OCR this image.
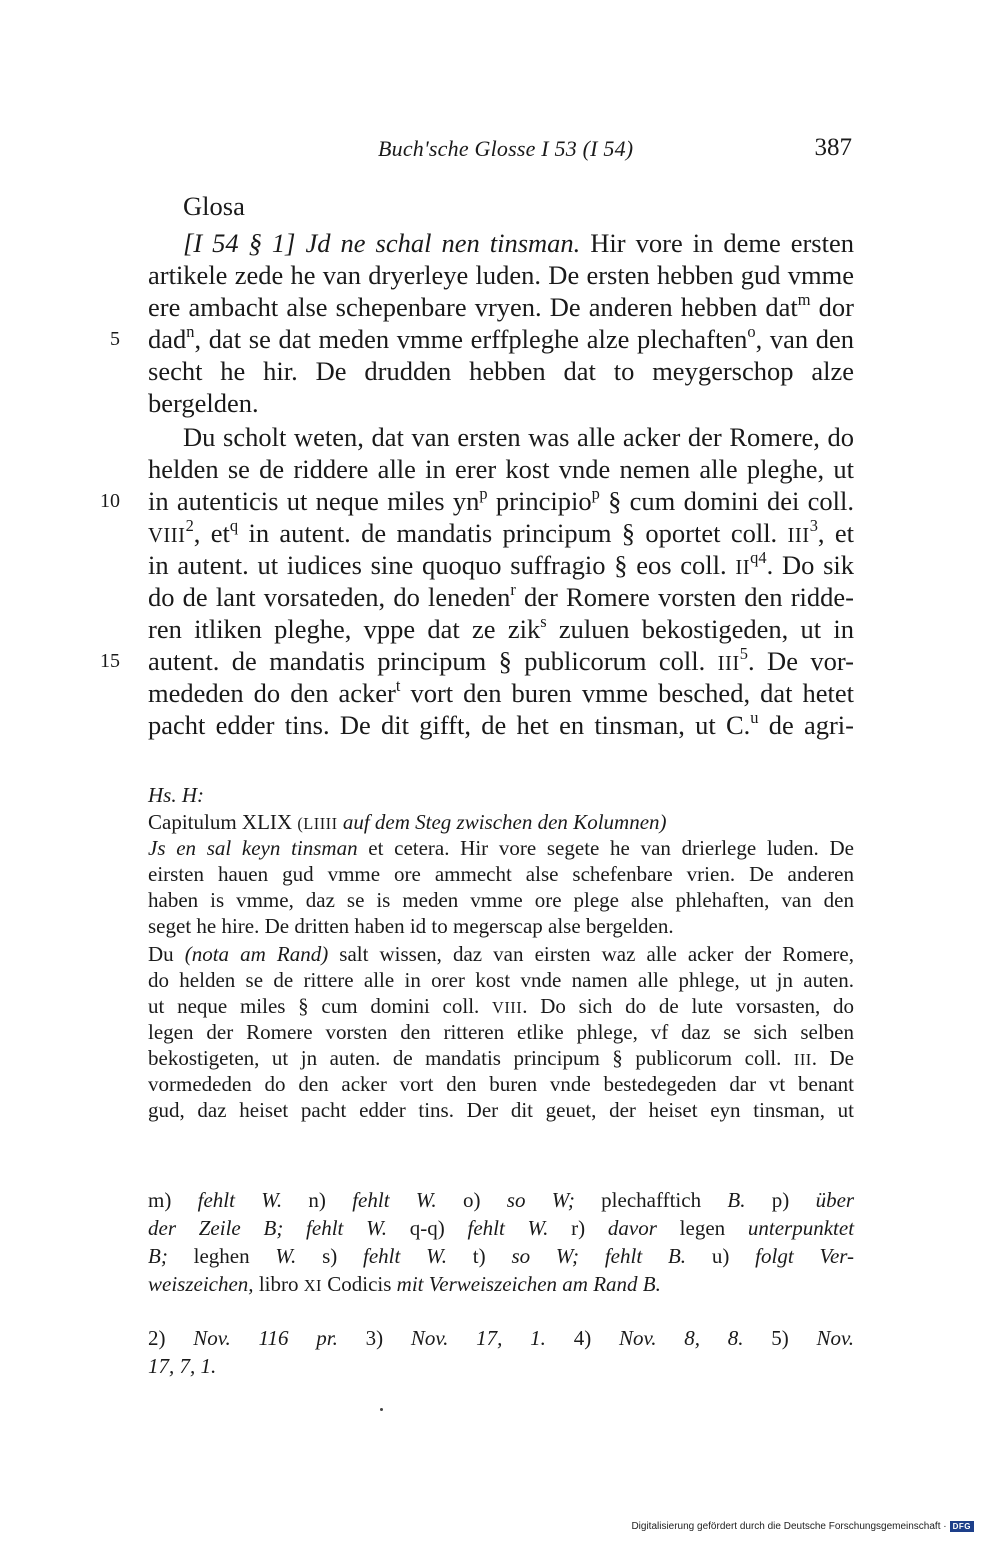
Buch'sche Glosse I 53 (I 54)	387
Glosa
[I 54 § 1] Jd ne schal nen tinsman. Hir vore in deme ersten
artikele zede he van dryerleye luden. De ersten hebben gud vmme
ere ambacht alse schepenbare vryen. De anderen hebben dat$^m$ dor
5 dad$^n$, dat se dat meden vmme erffpleghe alze plechaften$^o$, van den
secht he hir. De drudden hebben dat to meygerschop alze
bergelden.
Du scholt weten, dat van ersten was alle acker der Romere, do
helden se de riddere alle in erer kost vnde nemen alle pleghe, ut
10 in autenticis ut neque miles $yn^p$ principio$^p$ § cum domini dei coll.
VIII$^2$, $et^q$ in autent. de mandatis principum § oportet coll. III$^3$, et
in autent. ut iudices sine quoquo suffragio § eos coll. $II^{q4}$. Do sik
do de lant vorsateden, do leneden$^r$ der Romere vorsten den ridde-
ren itliken pleghe, vppe dat ze zik$^s$ zuluen bekostigeden, ut in
15 autent. de mandatis principum § publicorum coll. III$^5$. De vor-
mededen do den acker$^t$ vort den buren vmme besched, dat hetet
pacht edder tins. De dit gifft, de het en tinsman, ut C.$^u$ de agri-
Hs. H:
Capitulum XLIX (LIIII auf dem Steg zwischen den Kolumnen)
Js en sal keyn tinsman et cetera. Hir vore segete he van drierlege luden. De
eirsten hauen gud vmme ore ammecht alse schefenbare vrien. De anderen
haben is vmme, daz se is meden vmme ore plege alse phlehaften, van den
seget he hire. De dritten haben id to megerscap alse bergelden.
Du (nota am Rand) salt wissen, daz van eirsten waz alle acker der Romere,
do helden se de rittere alle in orer kost vnde namen alle phlege, ut jn auten.
ut neque miles § cum domini coll. VIII. Do sich do de lute vorsasten, do
legen der Romere vorsten den ritteren etlike phlege, vf daz se sich selben
bekostigeten, ut jn auten. de mandatis principum § publicorum coll. III. De
vormededen do den acker vort den buren vnde bestedegeden dar vt benant
gud, daz heiset pacht edder tins. Der dit geuet, der heiset eyn tinsman, ut
m) fehlt W. n) fehlt W. o) so W; plechafftich B. p) über
der Zeile B; fehlt W. q-q) fehlt W. r) davor legen unterpunktet
B; leghen W. s) fehlt W. t) so W; fehlt B. u) folgt Ver-
weiszeichen, libro XI Codicis mit Verweiszeichen am Rand B.
2) Nov. 116 pr. 3) Nov. 17, 1. 4) Nov. 8, 8. 5) Nov.
17, 7, 1.
Digitalisierung gefördert durch die Deutsche Forschungsgemeinschaft · DFG
